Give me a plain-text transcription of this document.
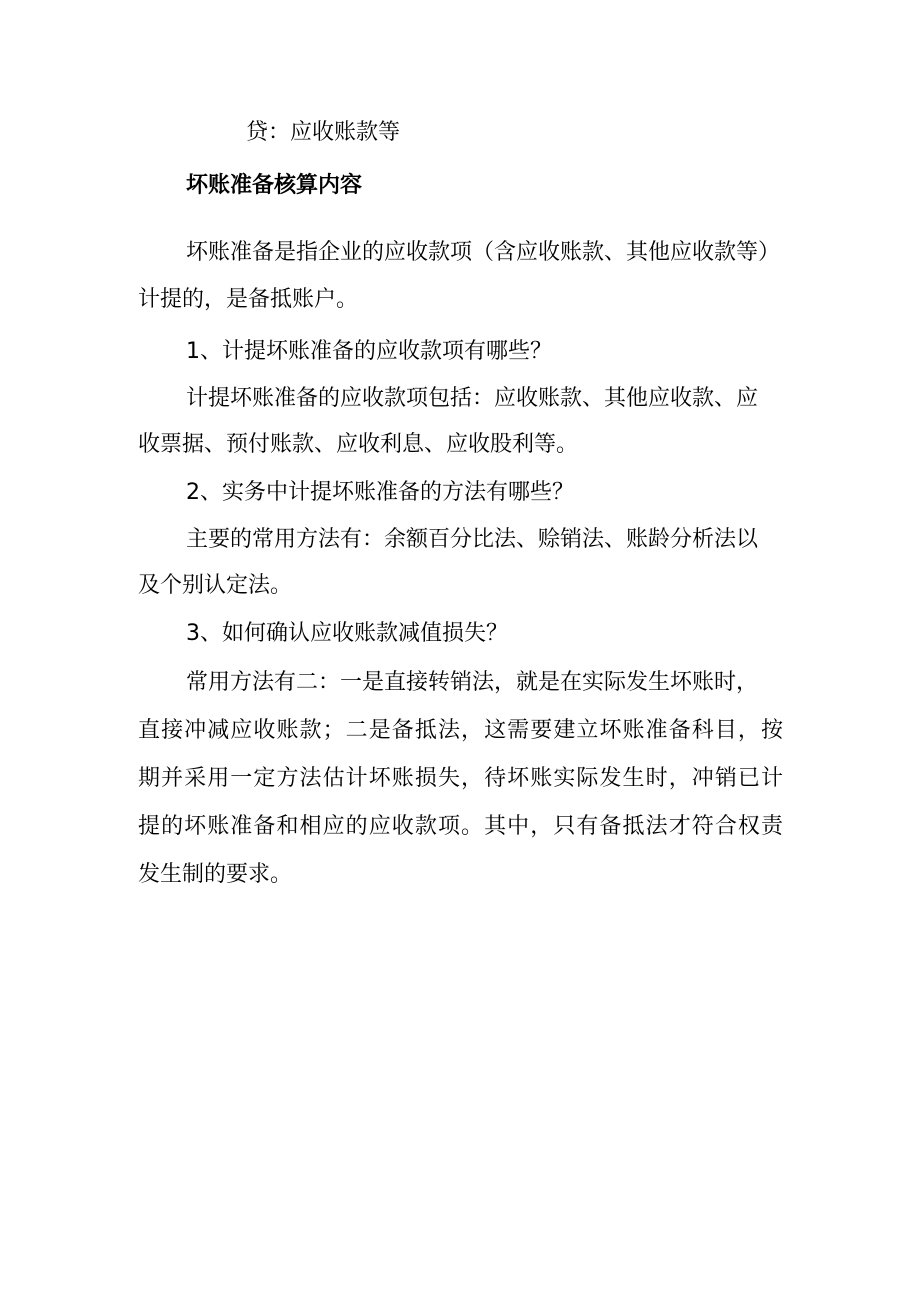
贷：应收账款等
坏账准备核算内容
坏账准备是指企业的应收款项（含应收账款、其他应收款等）
计提的，是备抵账户。
1、计提坏账准备的应收款项有哪些？
计提坏账准备的应收款项包括：应收账款、其他应收款、应
收票据、预付账款、应收利息、应收股利等。
2、实务中计提坏账准备的方法有哪些？
主要的常用方法有：余额百分比法、赊销法、账龄分析法以
及个别认定法。
3、如何确认应收账款减值损失？
常用方法有二：一是直接转销法，就是在实际发生坏账时，
直接冲减应收账款；二是备抵法，这需要建立坏账准备科目，按
期并采用一定方法估计坏账损失，待坏账实际发生时，冲销已计
提的坏账准备和相应的应收款项。其中，只有备抵法才符合权责
发生制的要求。
